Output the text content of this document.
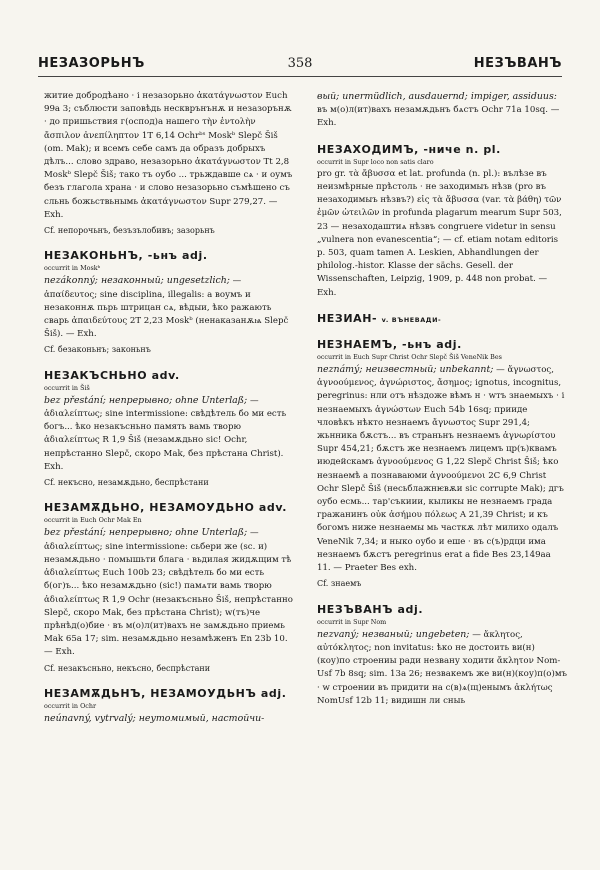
НЕЗАЗОРЬНЪ	358	НЕЗЪВАНЪ

житие добродѣано · і незазорьно ἀκατάγνωστον Euch 99a 3; съблюсти заповѣдь нескврънънѫ и незазорънѫ · до пришьствия г(оспод)а нашего τὴν ἐντολὴν ἄσπιλον ἀνεπίληπτον 1T 6,14 Ochrᵇˢ Moskᵇ Slepč Šiš (om. Mak); и всемъ себе самъ да образъ добрыхъ дѣлъ... слово здраво, незазорьно ἀκατάγνωστον Tt 2,8 Moskᵇ Slepč Šiš; тако тъ оубо ... трьждавше сѧ · и оумъ безъ глагола храна · и слово незазорьно съмѣшено съ сльнь божьствьнымь ἀκατάγνωστον Supr 279,27. — Exh.

Cf. непорочьнъ, безъзълобивъ; зазорьнъ

НЕЗАКОНЬНЪ, -ьнъ adj.
occurrit in Moskᵇ

nezákonný; незаконный; ungesetzlich; — ἀπαίδευτος; sine disciplina, illegalis: а воумъ и незаконнѫ пьрь штрицан сѧ, вѣдыи, ѣко ражають сварь ἀπαιδεύτους 2T 2,23 Moskᵇ (ненаказанѫѩ Slepč Šiš). — Exh.

Cf. безаконьнъ; законьнъ

НЕЗАКЪСНЬНО adv.
occurrit in Šiš

bez přestání; непрерывно; ohne Unterlaß; — ἀδιαλείπτως; sine intermissione: свѣдѣтель бо ми есть богъ... ѣко незакъсньно память вамь творю ἀδιαλείπτως R 1,9 Šiš (незамѫдьно sic! Ochr, непрѣстанно Slepč, скоро Mak, без прѣстана Christ). Exh.

Cf. некъсно, незамѫдьно, беспрѣстани

НЕЗАМѪДЬНО, НЕЗАМОУДЬНО adv.
occurrit in Euch Ochr Mak En

bez přestání; непрерывно; ohne Unterlaß; — ἀδιαλείπτως; sine intermissione: сьбери же (sc. и) незамѫдьно · помышьти блага · вьдилая жидѫщим тѣ ἀδιαλείπτως Euch 100b 23; свѣдѣтель бо ми есть б(ог)ъ... ѣко незамѫдьно (sic!) памѧти вамь творю ἀδιαλείπτως R 1,9 Ochr (незакъсньно Šiš, непрѣстанно Slepč, скоро Mak, без прѣстана Christ); w(тъ)че прѣнѣд(о)бие · въ м(о)л(ит)вахъ не замѫдьно приемь Mak 65a 17; sim. незамѫдьно незамѣженъ En 23b 10. — Exh.

Cf. незакъсньно, некъсно, беспрѣстани

НЕЗАМѪДЬНЪ, НЕЗАМОУДЬНЪ adj.
occurrit in Ochr

neúnavný, vytrvalý; неутомимый, настойчи-

вый; unermüdlich, ausdauernd; impiger, assiduus: въ м(о)л(ит)вахъ незамѫдьнъ бѧстъ Ochr 71a 10sq. — Exh.

НЕЗАХОДИМЪ, -ниче n. pl.
occurrit in Supr loco non satis claro

pro gr. τὰ ἄβυσσα et lat. profunda (n. pl.): вълѣзе въ неизмѣрные прѣстоль · не заходимыъ нѣзв (pro въ незаходимыъ нѣзвъ?) εἰς τὰ ἄβυσσα (var. τὰ βάθη) τῶν ἐμῶν ὠτειλῶν in profunda plagarum mearum Supr 503, 23 — незаходаштиѧ нѣзвъ congruere videtur in sensu „vulnera non evanescentia“; — cf. etiam notam editoris p. 503, quam tamen A. Leskien, Abhandlungen der philolog.-histor. Klasse der sächs. Gesell. der Wissenschaften, Leipzig, 1909, p. 448 non probat. — Exh.

НЕЗИАН- v. ВЪНЕВАДИ-
НЕЗНАЕМЪ, -ьнъ adj.
occurrit in Euch Supr Christ Ochr Slepč Šiš VeneNik Bes

neznámý; неизвестный; unbekannt; — ἄγνωστος, ἀγνοούμενος, ἀγνώριστος, ἄσημος; ignotus, incognitus, peregrinus: нли отъ нѣздоже вѣмъ н · wтъ знаемыхъ · і незнаемыхъ ἀγνώστων Euch 54b 16sq; прииде чловѣкъ нѣкто незнаемъ ἄγνωστος Supr 291,4; жьнника бѫстъ... въ страньнъ незнаемъ ἀγνωρίστου Supr 454,21; бѫстъ же незнаемъ лицемъ цр(ъ)квамъ июдейскамъ ἀγνοούμενος G 1,22 Slepč Christ Šiš; ѣко незнаемѣ а познаваюми ἀγνοούμενοι 2C 6,9 Christ Ochr Slepč Šiš (несьблажнѥвѫи sic corrupte Mak); дгъ оубо есмь... тар'съкиии, кыликы не незнаемъ града гражанинъ οὐκ ἀσήμου πόλεως A 21,39 Christ; и къ богомъ ниже незнаемы мь часткѫ лѣт милихо одалъ VeneNik 7,34; и ныко оубо и еше · въ с(ъ)рдци има незнаемъ бѫстъ peregrinus erat a fide Bes 23,149aa 11. — Praeter Bes exh.

Cf. знаемъ

НЕЗЪВАНЪ adj.
occurrit in Supr Nom

nezvaný; незваный; ungebeten; — ἄκλητος, αὐτόκλητος; non invitatus: ѣко не достоить ви(н)(коу)по строениы ради незвану ходити ἄκλητον Nom-Usf 7b 8sq; sim. 13a 26; незвакемъ же ви(н)(коу)п(о)мъ · w строении въ придити на с(в)ѧ(щ)енымъ ἀκλήτως NomUsf 12b 11; видишн ли сныь
